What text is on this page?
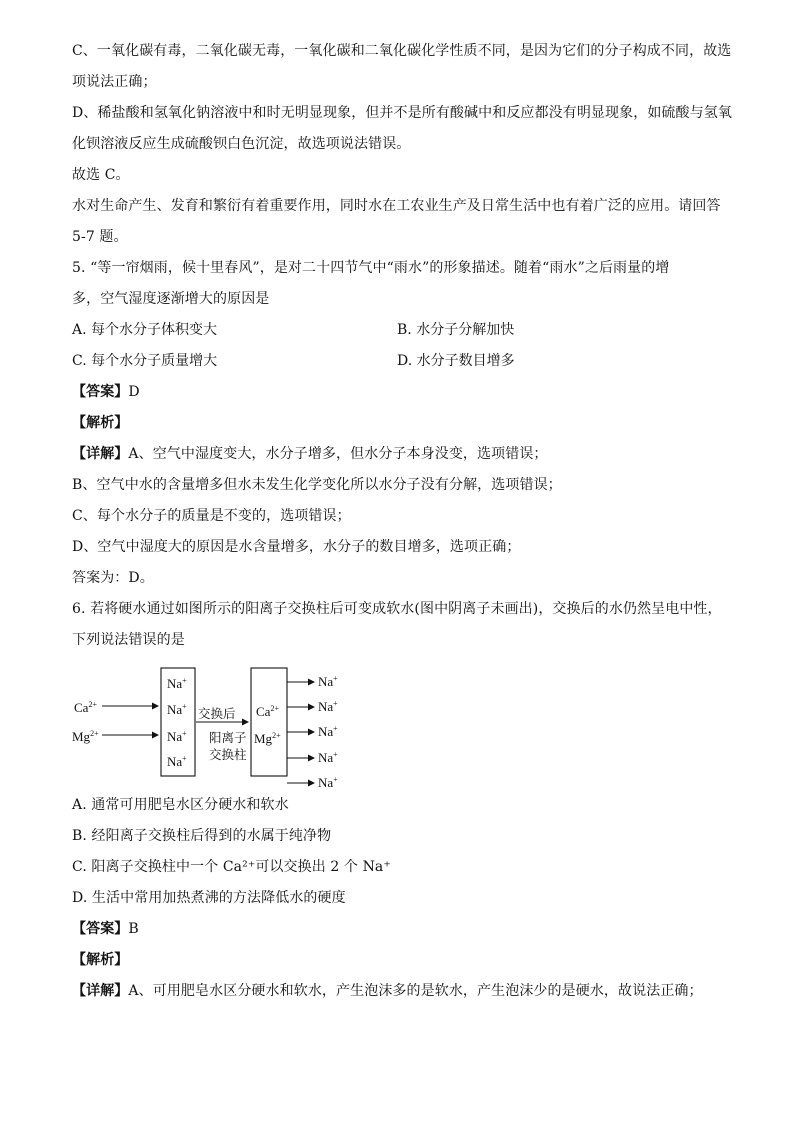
C、一氧化碳有毒，二氧化碳无毒，一氧化碳和二氧化碳化学性质不同，是因为它们的分子构成不同，故选
项说法正确；
D、稀盐酸和氢氧化钠溶液中和时无明显现象，但并不是所有酸碱中和反应都没有明显现象，如硫酸与氢氧
化钡溶液反应生成硫酸钡白色沉淀，故选项说法错误。
故选 C。
水对生命产生、发育和繁衍有着重要作用，同时水在工农业生产及日常生活中也有着广泛的应用。请回答
5-7 题。
5. “等一帘烟雨，候十里春风”，是对二十四节气中“雨水”的形象描述。随着“雨水”之后雨量的增
多，空气湿度逐渐增大的原因是
A. 每个水分子体积变大	B. 水分子分解加快
C. 每个水分子质量增大	D. 水分子数目增多
【答案】D
【解析】
【详解】A、空气中湿度变大，水分子增多，但水分子本身没变，选项错误；
B、空气中水的含量增多但水未发生化学变化所以水分子没有分解，选项错误；
C、每个水分子的质量是不变的，选项错误；
D、空气中湿度大的原因是水含量增多，水分子的数目增多，选项正确；
答案为：D。
6. 若将硬水通过如图所示的阳离子交换柱后可变成软水(图中阴离子未画出)，交换后的水仍然呈电中性，
下列说法错误的是
$Ca^{2+}$
$Mg^{2+}$
Na+
Na+
Na+
Na+
交换后
阳离子
交换柱
$Ca^{2+}$
$Mg^{2+}$
Na+
Na+
Na+
Na+
Na+
A. 通常可用肥皂水区分硬水和软水
B. 经阳离子交换柱后得到的水属于纯净物
C. 阳离子交换柱中一个 Ca²⁺可以交换出 2 个 Na⁺
D. 生活中常用加热煮沸的方法降低水的硬度
【答案】B
【解析】
【详解】A、可用肥皂水区分硬水和软水，产生泡沫多的是软水，产生泡沫少的是硬水，故说法正确；
